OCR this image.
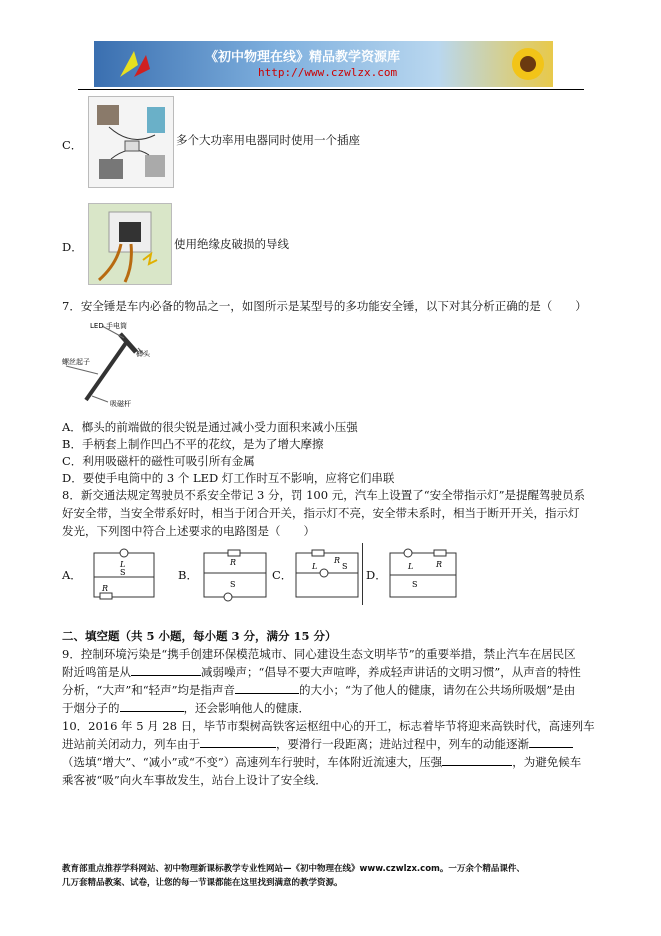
《初中物理在线》精品教学资源库
http://www.czwlzx.com
C．	多个大功率用电器同时使用一个插座
D．	使用绝缘皮破损的导线
7．安全锤是车内必备的物品之一，如图所示是某型号的多功能安全锤，以下对其分析正确的是（　　）
LED 手电筒
榔头
螺丝起子
吸磁杆
A．榔头的前端做的很尖锐是通过减小受力面积来减小压强
B．手柄套上制作凹凸不平的花纹，是为了增大摩擦
C．利用吸磁杆的磁性可吸引所有金属
D．要使手电筒中的 3 个 LED 灯工作时互不影响，应将它们串联
8．新交通法规定驾驶员不系安全带记 3 分，罚 100 元，汽车上设置了“安全带指示灯”是提醒驾驶员系
好安全带，当安全带系好时，相当于闭合开关，指示灯不亮，安全带未系时，相当于断开开关，指示灯
发光，下列图中符合上述要求的电路图是（　　）
A．
L
S
R
B．
R
S
C．
L	S
R
D．
L	R
S
二、填空题（共 5 小题，每小题 3 分，满分 15 分）
9．控制环境污染是“携手创建环保模范城市、同心建设生态文明毕节”的重要举措，禁止汽车在居民区
附近鸣笛是从	减弱噪声；“倡导不要大声喧哗，养成轻声讲话的文明习惯”，从声音的特性
分析，“大声”和“轻声”均是指声音	的大小；“为了他人的健康，请勿在公共场所吸烟”是由
于烟分子的	，还会影响他人的健康．
10．2016 年 5 月 28 日，毕节市梨树高铁客运枢纽中心的开工，标志着毕节将迎来高铁时代，高速列车
进站前关闭动力，列车由于	，要滑行一段距离；进站过程中，列车的动能逐渐
（选填“增大”、“减小”或“不变”）高速列车行驶时，车体附近流速大，压强	，为避免候车
乘客被“吸”向火车事故发生，站台上设计了安全线．
教育部重点推荐学科网站、初中物理新课标教学专业性网站—《初中物理在线》www.czwlzx.com。一万余个精品课件、
几万套精品教案、试卷，让您的每一节课都能在这里找到满意的教学资源。
